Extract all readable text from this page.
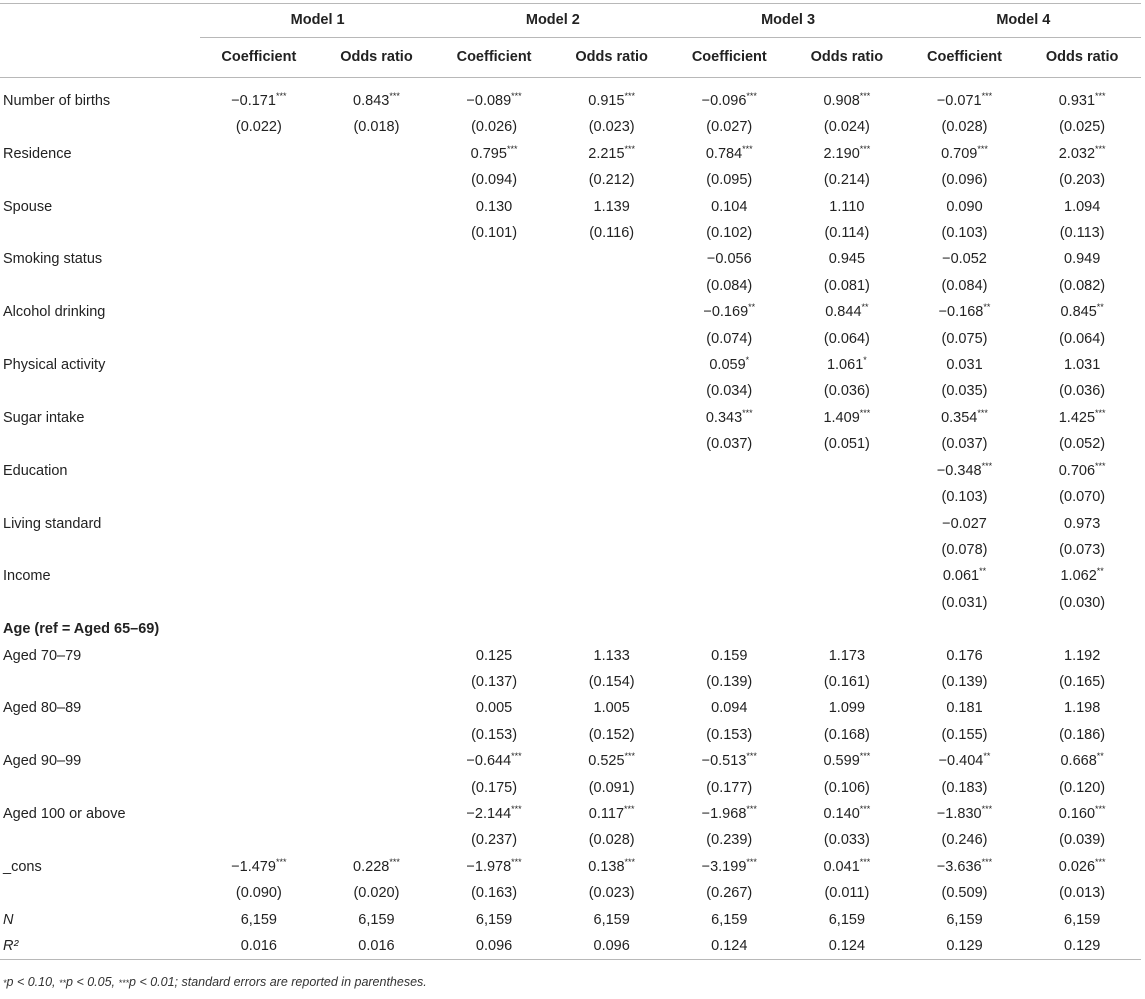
	Model 1		Model 2		Model 3		Model 4	
	Coefficient	Odds ratio	Coefficient	Odds ratio	Coefficient	Odds ratio	Coefficient	Odds ratio
Number of births	−0.171***	0.843***	−0.089***	0.915***	−0.096***	0.908***	−0.071***	0.931***
	(0.022)	(0.018)	(0.026)	(0.023)	(0.027)	(0.024)	(0.028)	(0.025)
Residence			0.795***	2.215***	0.784***	2.190***	0.709***	2.032***
			(0.094)	(0.212)	(0.095)	(0.214)	(0.096)	(0.203)
Spouse			0.130	1.139	0.104	1.110	0.090	1.094
			(0.101)	(0.116)	(0.102)	(0.114)	(0.103)	(0.113)
Smoking status					−0.056	0.945	−0.052	0.949
					(0.084)	(0.081)	(0.084)	(0.082)
Alcohol drinking					−0.169**	0.844**	−0.168**	0.845**
					(0.074)	(0.064)	(0.075)	(0.064)
Physical activity					0.059*	1.061*	0.031	1.031
					(0.034)	(0.036)	(0.035)	(0.036)
Sugar intake					0.343***	1.409***	0.354***	1.425***
					(0.037)	(0.051)	(0.037)	(0.052)
Education							−0.348***	0.706***
							(0.103)	(0.070)
Living standard							−0.027	0.973
							(0.078)	(0.073)
Income							0.061**	1.062**
							(0.031)	(0.030)
Age (ref = Aged 65–69)								
Aged 70–79			0.125	1.133	0.159	1.173	0.176	1.192
			(0.137)	(0.154)	(0.139)	(0.161)	(0.139)	(0.165)
Aged 80–89			0.005	1.005	0.094	1.099	0.181	1.198
			(0.153)	(0.152)	(0.153)	(0.168)	(0.155)	(0.186)
Aged 90–99			−0.644***	0.525***	−0.513***	0.599***	−0.404**	0.668**
			(0.175)	(0.091)	(0.177)	(0.106)	(0.183)	(0.120)
Aged 100 or above			−2.144***	0.117***	−1.968***	0.140***	−1.830***	0.160***
			(0.237)	(0.028)	(0.239)	(0.033)	(0.246)	(0.039)
_cons	−1.479***	0.228***	−1.978***	0.138***	−3.199***	0.041***	−3.636***	0.026***
	(0.090)	(0.020)	(0.163)	(0.023)	(0.267)	(0.011)	(0.509)	(0.013)
N	6,159	6,159	6,159	6,159	6,159	6,159	6,159	6,159
R²	0.016	0.016	0.096	0.096	0.124	0.124	0.129	0.129
*p < 0.10, **p < 0.05, ***p < 0.01; standard errors are reported in parentheses.
